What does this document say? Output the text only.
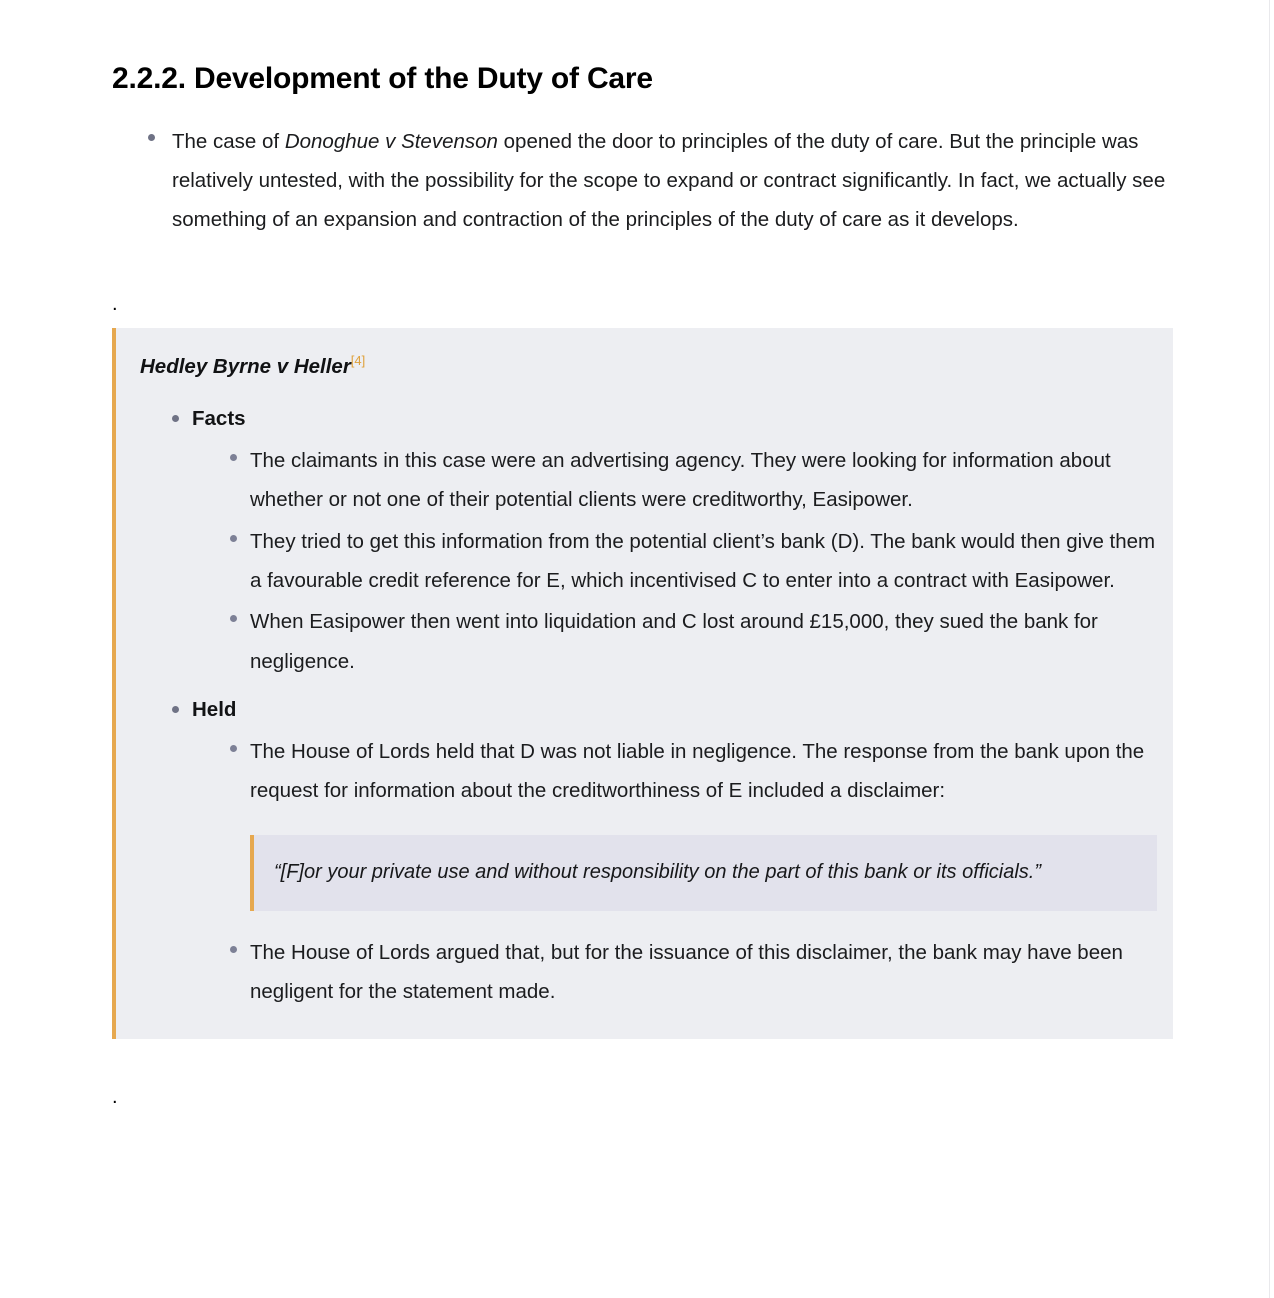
2.2.2. Development of the Duty of Care
The case of Donoghue v Stevenson opened the door to principles of the duty of care. But the principle was relatively untested, with the possibility for the scope to expand or contract significantly. In fact, we actually see something of an expansion and contraction of the principles of the duty of care as it develops.
.
Hedley Byrne v Heller[4]
Facts
The claimants in this case were an advertising agency. They were looking for information about whether or not one of their potential clients were creditworthy, Easipower.
They tried to get this information from the potential client’s bank (D). The bank would then give them a favourable credit reference for E, which incentivised C to enter into a contract with Easipower.
When Easipower then went into liquidation and C lost around £15,000, they sued the bank for negligence.
Held
The House of Lords held that D was not liable in negligence. The response from the bank upon the request for information about the creditworthiness of E included a disclaimer:
“[F]or your private use and without responsibility on the part of this bank or its officials.”
The House of Lords argued that, but for the issuance of this disclaimer, the bank may have been negligent for the statement made.
.
